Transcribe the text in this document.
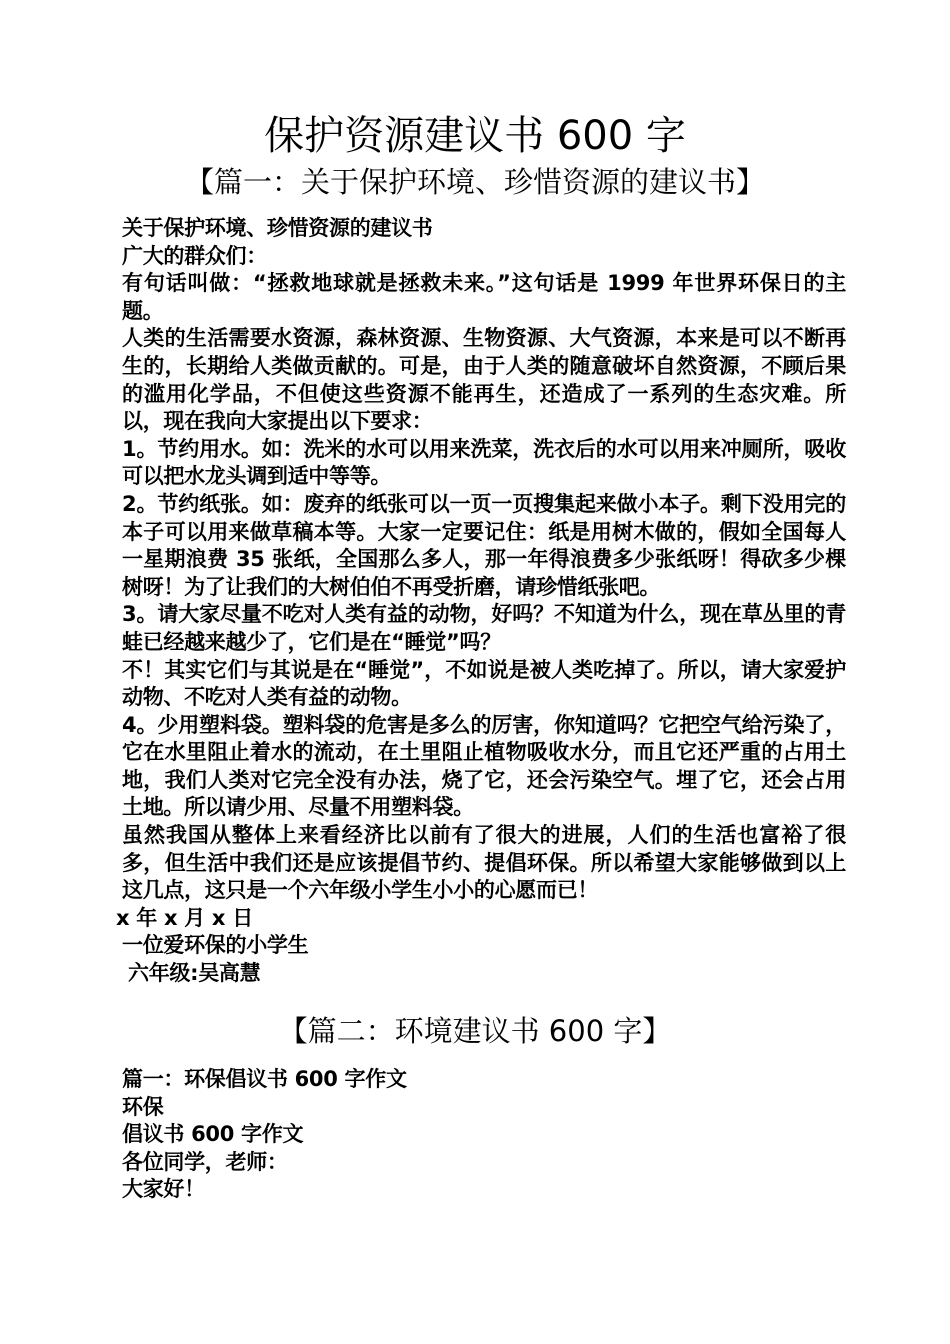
保护资源建议书 600 字
【篇一：关于保护环境、珍惜资源的建议书】

关于保护环境、珍惜资源的建议书

广大的群众们：

有句话叫做：“拯救地球就是拯救未来。”这句话是 1999 年世界环保日的主题。

人类的生活需要水资源，森林资源、生物资源、大气资源，本来是可以不断再生的，长期给人类做贡献的。可是，由于人类的随意破坏自然资源，不顾后果的滥用化学品，不但使这些资源不能再生，还造成了一系列的生态灾难。所以，现在我向大家提出以下要求：

1。节约用水。如：洗米的水可以用来洗菜，洗衣后的水可以用来冲厕所，吸收可以把水龙头调到适中等等。

2。节约纸张。如：废弃的纸张可以一页一页搜集起来做小本子。剩下没用完的本子可以用来做草稿本等。大家一定要记住：纸是用树木做的，假如全国每人一星期浪费 35 张纸，全国那么多人，那一年得浪费多少张纸呀！得砍多少棵树呀！为了让我们的大树伯伯不再受折磨，请珍惜纸张吧。

3。请大家尽量不吃对人类有益的动物，好吗？不知道为什么，现在草丛里的青蛙已经越来越少了，它们是在“睡觉”吗？

不！其实它们与其说是在“睡觉”，不如说是被人类吃掉了。所以，请大家爱护动物、不吃对人类有益的动物。

4。少用塑料袋。塑料袋的危害是多么的厉害，你知道吗？它把空气给污染了，它在水里阻止着水的流动，在土里阻止植物吸收水分，而且它还严重的占用土地，我们人类对它完全没有办法，烧了它，还会污染空气。埋了它，还会占用土地。所以请少用、尽量不用塑料袋。

虽然我国从整体上来看经济比以前有了很大的进展，人们的生活也富裕了很多，但生活中我们还是应该提倡节约、提倡环保。所以希望大家能够做到以上这几点，这只是一个六年级小学生小小的心愿而已！

x 年 x 月 x 日

一位爱环保的小学生

六年级:吴高慧

【篇二：环境建议书 600 字】

篇一：环保倡议书 600 字作文

环保

倡议书 600 字作文

各位同学，老师：

大家好！
